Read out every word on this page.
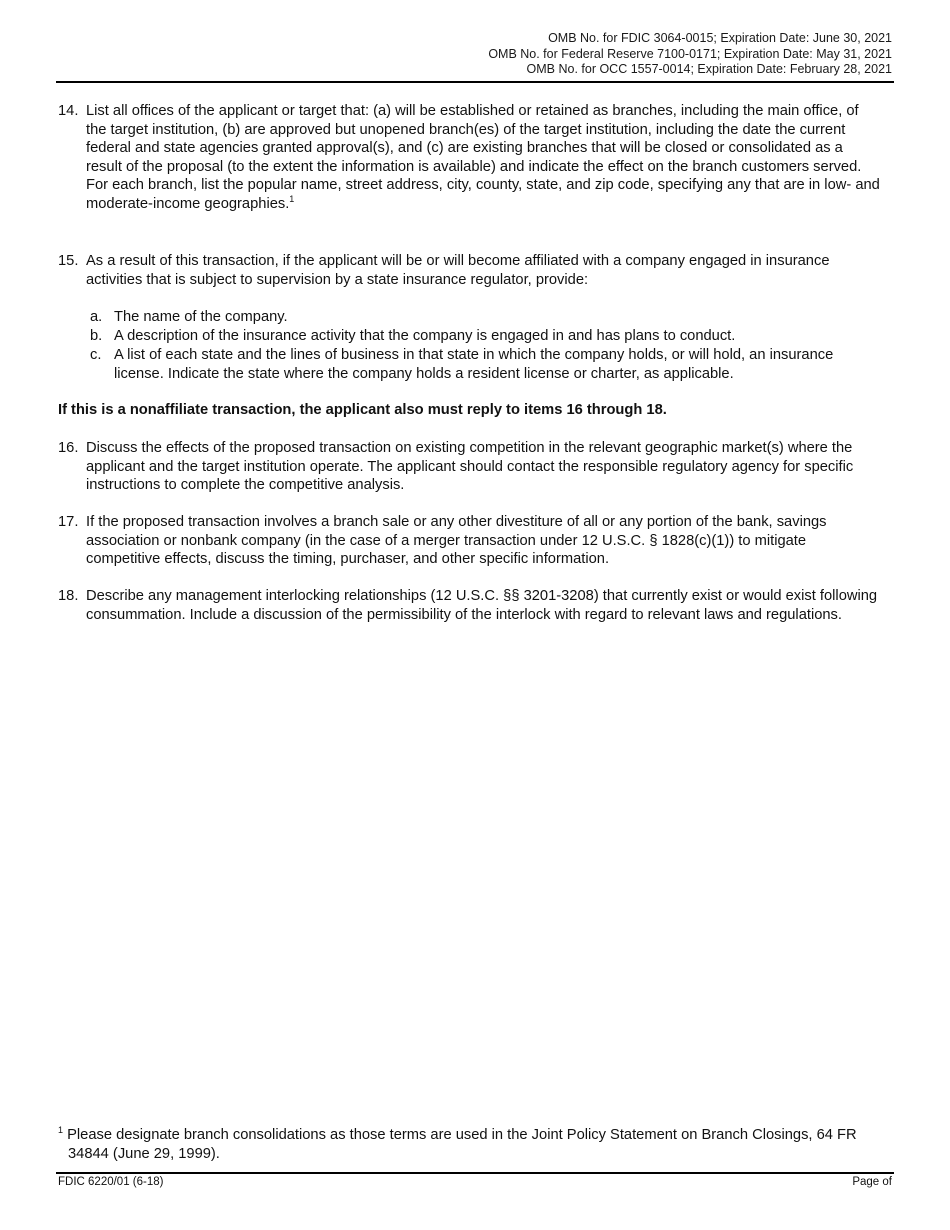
OMB No. for FDIC 3064-0015; Expiration Date: June 30, 2021
OMB No. for Federal Reserve 7100-0171; Expiration Date: May 31, 2021
OMB No. for OCC 1557-0014; Expiration Date: February 28, 2021
14. List all offices of the applicant or target that: (a) will be established or retained as branches, including the main office, of the target institution, (b) are approved but unopened branch(es) of the target institution, including the date the current federal and state agencies granted approval(s), and (c) are existing branches that will be closed or consolidated as a result of the proposal (to the extent the information is available) and indicate the effect on the branch customers served. For each branch, list the popular name, street address, city, county, state, and zip code, specifying any that are in low- and moderate-income geographies.$^1$
15. As a result of this transaction, if the applicant will be or will become affiliated with a company engaged in insurance activities that is subject to supervision by a state insurance regulator, provide:
a. The name of the company.
b. A description of the insurance activity that the company is engaged in and has plans to conduct.
c. A list of each state and the lines of business in that state in which the company holds, or will hold, an insurance license. Indicate the state where the company holds a resident license or charter, as applicable.
If this is a nonaffiliate transaction, the applicant also must reply to items 16 through 18.
16. Discuss the effects of the proposed transaction on existing competition in the relevant geographic market(s) where the applicant and the target institution operate. The applicant should contact the responsible regulatory agency for specific instructions to complete the competitive analysis.
17. If the proposed transaction involves a branch sale or any other divestiture of all or any portion of the bank, savings association or nonbank company (in the case of a merger transaction under 12 U.S.C. § 1828(c)(1)) to mitigate competitive effects, discuss the timing, purchaser, and other specific information.
18. Describe any management interlocking relationships (12 U.S.C. §§ 3201-3208) that currently exist or would exist following consummation. Include a discussion of the permissibility of the interlock with regard to relevant laws and regulations.
$^1$ Please designate branch consolidations as those terms are used in the Joint Policy Statement on Branch Closings, 64 FR 34844 (June 29, 1999).
FDIC 6220/01 (6-18)	Page of
